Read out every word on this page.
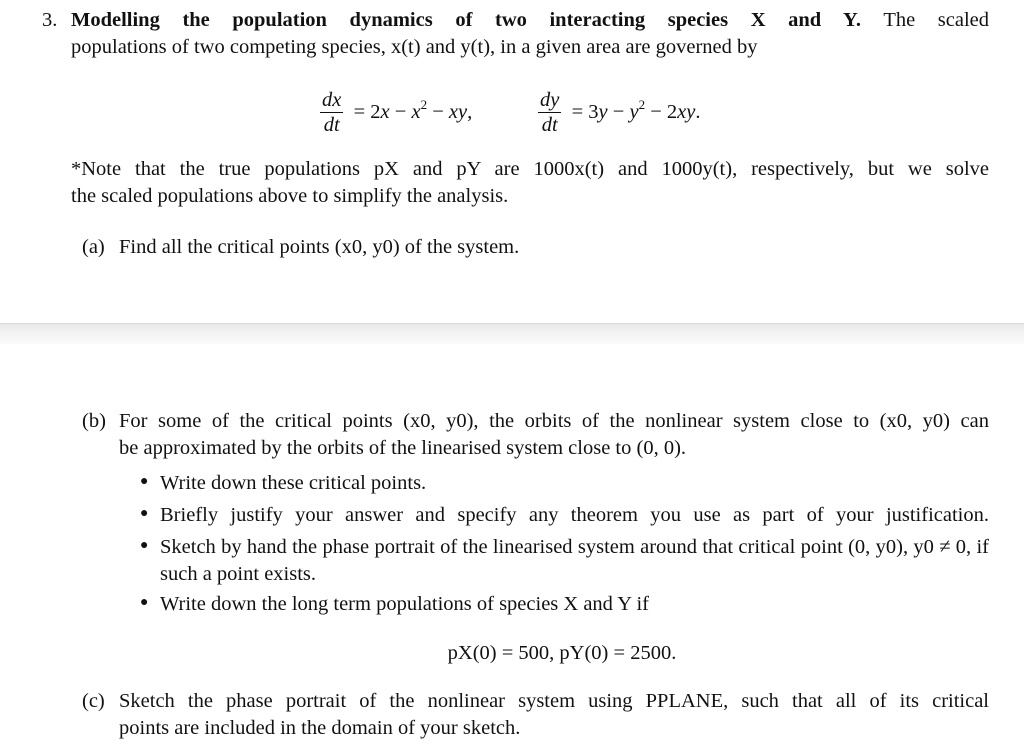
3. Modelling the population dynamics of two interacting species X and Y. The scaled
populations of two competing species, x(t) and y(t), in a given area are governed by
$\frac{dx}{dt}$
= $2x - x^2$ − xy,	$\frac{dy}{dt}$
= $3y - y^2 - 2xy$.
*Note that the true populations pX and pY are 1000x(t) and 1000y(t), respectively, but we solve
the scaled populations above to simplify the analysis.
(a) Find all the critical points (x0, y0) of the system.
(b) For some of the critical points (x0, y0), the orbits of the nonlinear system close to (x0, y0) can
be approximated by the orbits of the linearised system close to (0, 0).
● Write down these critical points.
● Briefly justify your answer and specify any theorem you use as part of your justification.
● Sketch by hand the phase portrait of the linearised system around that critical point (0, y0), y0 ≠ 0, if such a point exists.
● Write down the long term populations of species X and Y if
pX(0) = 500, pY(0) = 2500.
(c) Sketch the phase portrait of the nonlinear system using PPLANE, such that all of its critical
points are included in the domain of your sketch.
